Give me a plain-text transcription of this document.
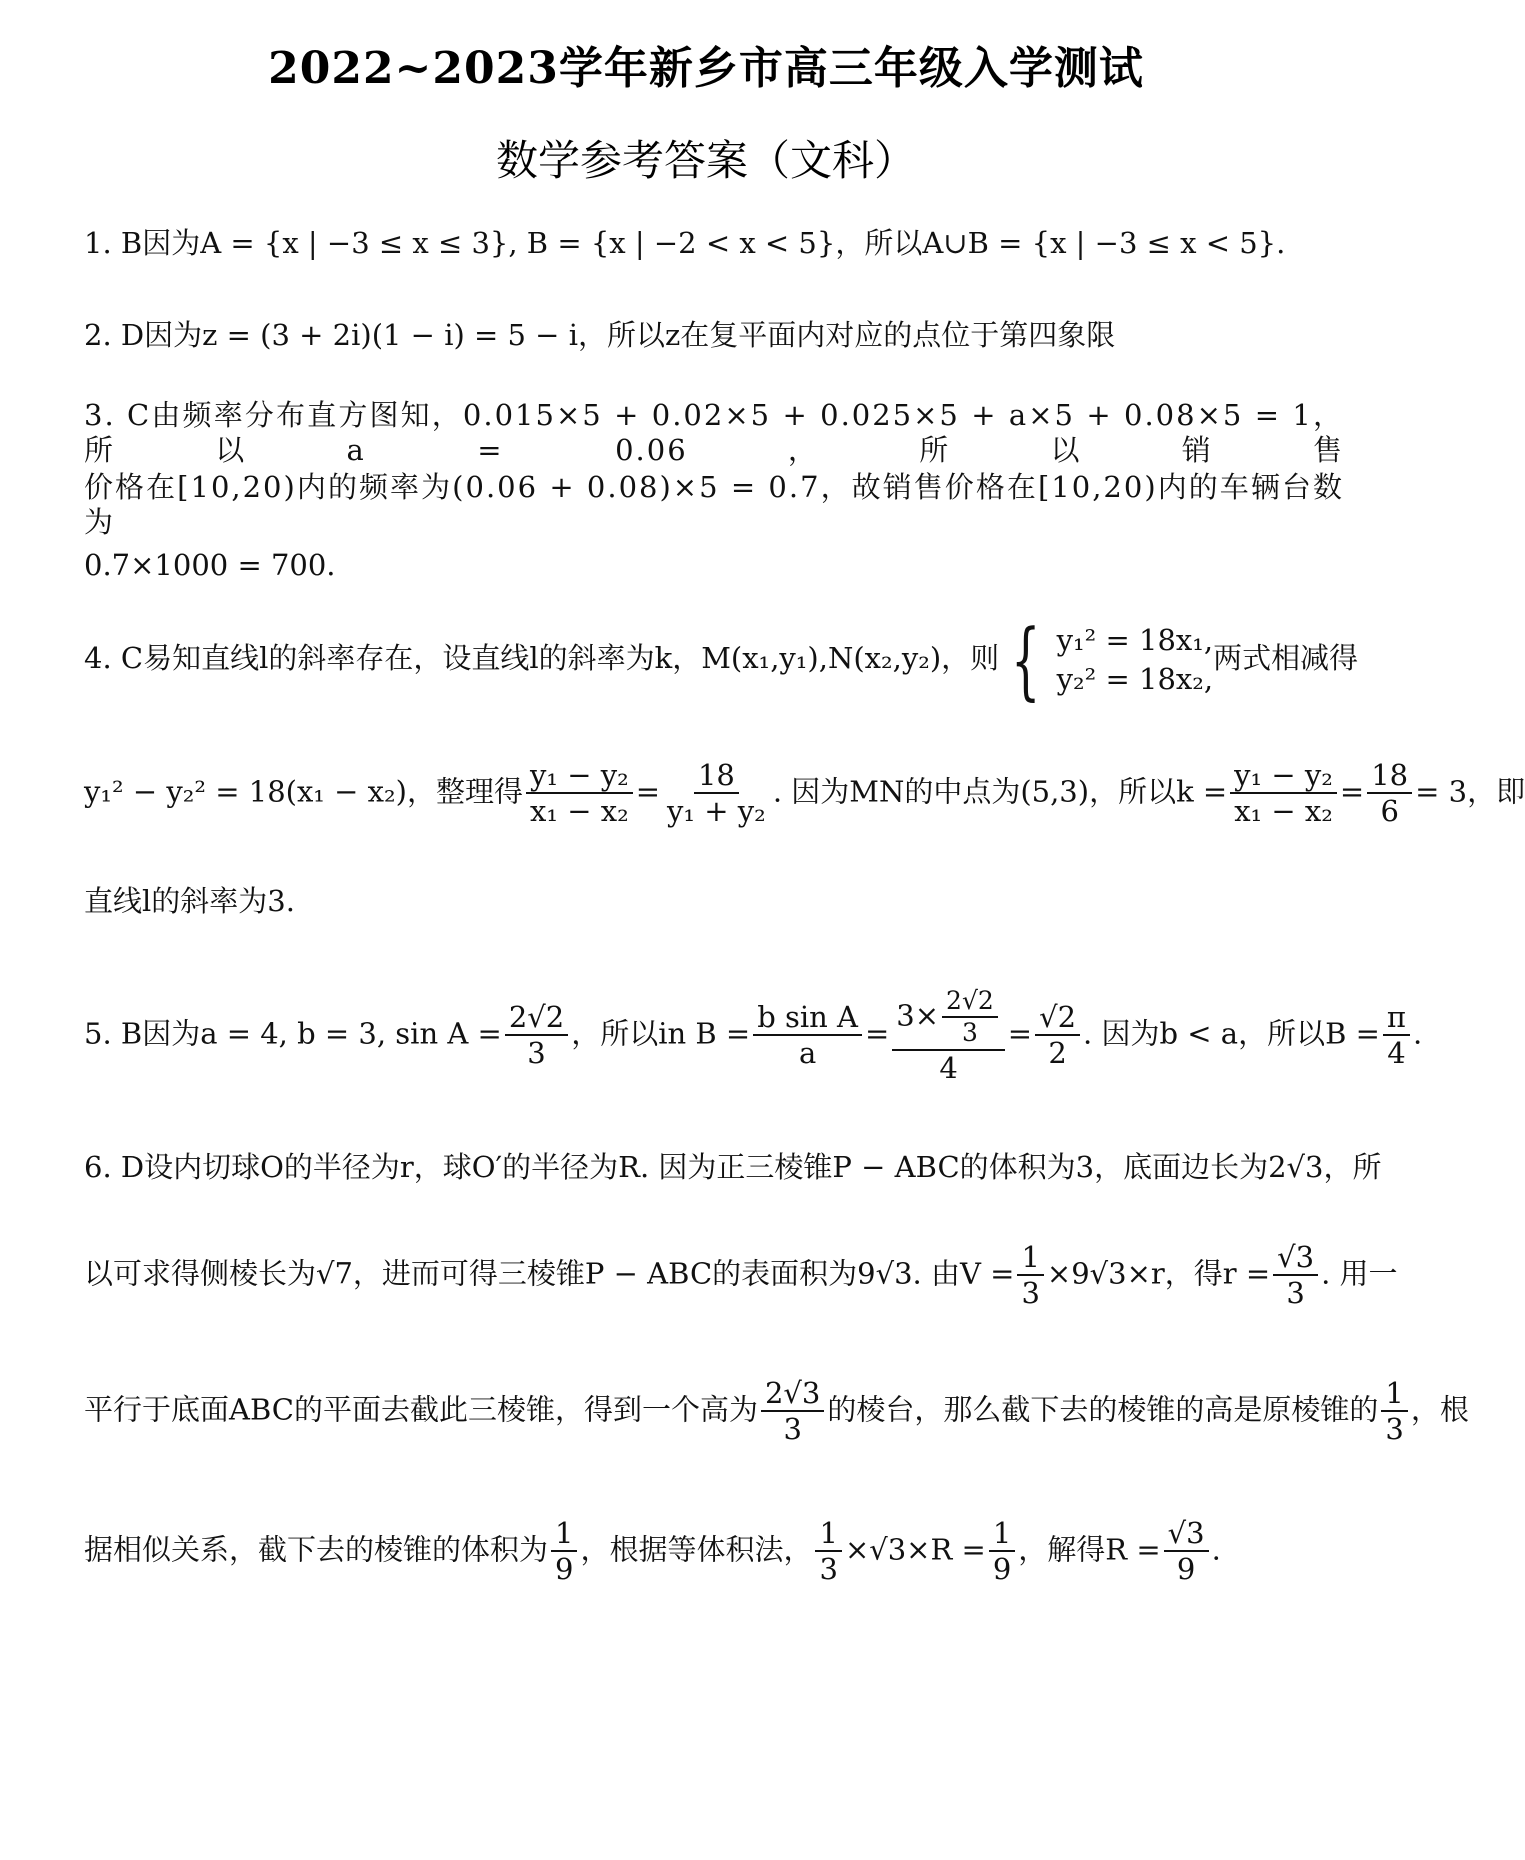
2022~2023学年新乡市高三年级入学测试
数学参考答案（文科）
1. B因为A = {x | −3 ≤ x ≤ 3}, B = {x | −2 < x < 5}，所以A∪B = {x | −3 ≤ x < 5}.
2. D因为z = (3 + 2i)(1 − i) = 5 − i，所以z在复平面内对应的点位于第四象限
3. C由频率分布直方图知，0.015×5 + 0.02×5 + 0.025×5 + a×5 + 0.08×5 = 1，所以a = 0.06，所以销售
价格在[10,20)内的频率为(0.06 + 0.08)×5 = 0.7，故销售价格在[10,20)内的车辆台数为
0.7×1000 = 700.
4. C易知直线l的斜率存在，设直线l的斜率为k，M(x₁,y₁),N(x₂,y₂)，则 { y₁² = 18x₁,
y₂² = 18x₂,
两式相减得
y₁² − y₂² = 18(x₁ − x₂)，整理得 $\frac{\text{y₁ − y₂}}{\text{x₁ − x₂}} = \frac{18}{\text{y₁ + y₂}}$ . 因为MN的中点为(5,3)，所以$k = \frac{\text{y₁ − y₂}}{\text{x₁ − x₂}} = \frac{18}{6} = 3$，即
直线l的斜率为3.
5. B因为a = 4, b = 3, $\sin A = \frac{2√2}{3}$ ，所以in $B = \frac{\text{b sin A}}{a} = \frac{3\times \frac{2√2}{3}}{4} = \frac{√2}{2}$ . 因为b < a，所以$B = \frac{\pi}{4}$ .
6. D设内切球O的半径为r，球O′的半径为R. 因为正三棱锥P − ABC的体积为3，底面边长为2√3，所
以可求得侧棱长为√7，进而可得三棱锥P − ABC的表面积为9√3. 由$V = \frac{1}{3} \times 9√3\times r$，得$r = \frac{√3}{3}$ . 用一
平行于底面ABC的平面去截此三棱锥，得到一个高为 $\frac{2√3}{3}$ 的棱台，那么截下去的棱锥的高是原棱锥的 $\frac{1}{3}$ ，根
据相似关系，截下去的棱锥的体积为 $\frac{1}{9}$ ，根据等体积法， $\frac{1}{3} \times√3\times R = \frac{1}{9}$ ，解得$R = \frac{√3}{9}$ .
